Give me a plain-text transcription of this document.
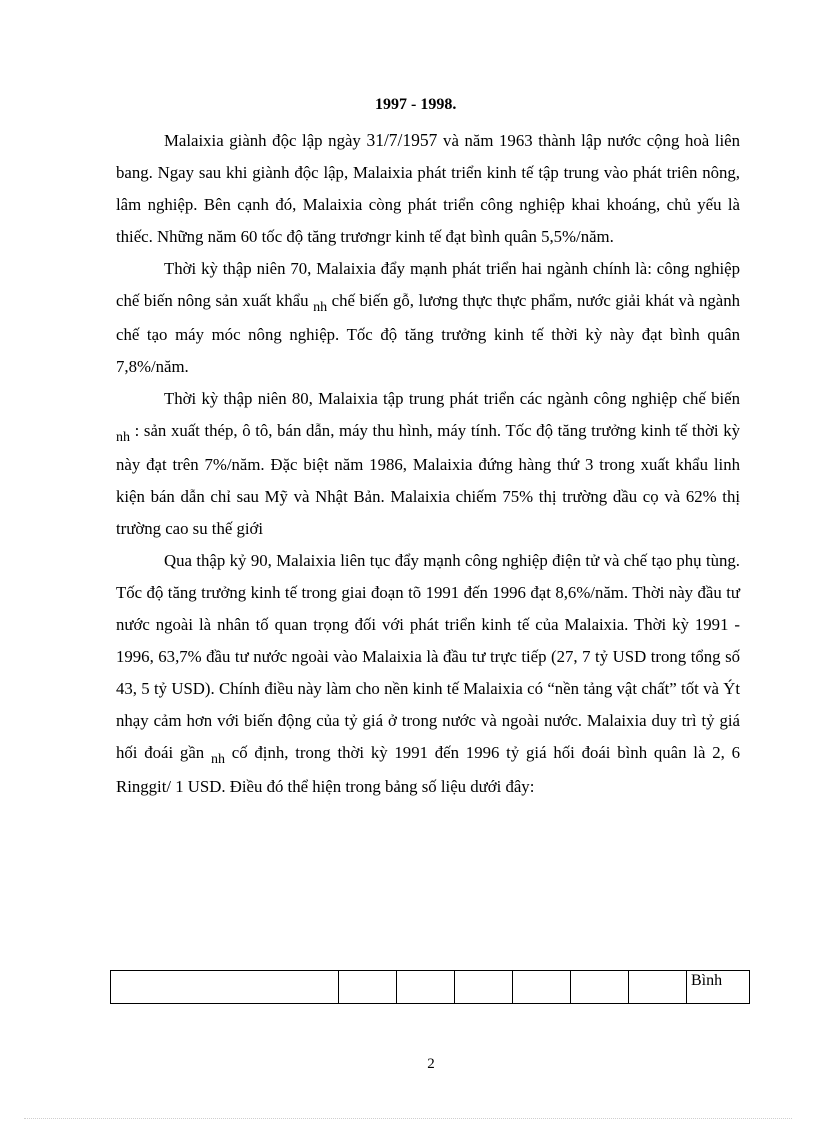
1997 - 1998.

Malaixia giành độc lập ngày 31/7/1957 và năm 1963 thành lập nước cộng hoà liên bang. Ngay sau khi giành độc lập, Malaixia phát triển kinh tế tập trung vào phát triên nông, lâm nghiệp. Bên cạnh đó, Malaixia còng phát triển công nghiệp khai khoáng, chủ yếu là thiếc. Những năm 60 tốc độ tăng trươngr kinh tế đạt bình quân 5,5%/năm.

Thời kỳ thập niên 70, Malaixia đẩy mạnh phát triển hai ngành chính là: công nghiệp chế biến nông sản xuất khẩu $_{nh}$ chế biến gỗ, lương thực thực phẩm, nước giải khát và ngành chế tạo máy móc nông nghiệp. Tốc độ tăng trưởng kinh tế thời kỳ này đạt bình quân 7,8%/năm.

Thời kỳ thập niên 80, Malaixia tập trung phát triển các ngành công nghiệp chế biến $_{nh}$ : sản xuất thép, ô tô, bán dẫn, máy thu hình, máy tính. Tốc độ tăng trưởng kinh tế thời kỳ này đạt trên 7%/năm. Đặc biệt năm 1986, Malaixia đứng hàng thứ 3 trong xuất khẩu linh kiện bán dẫn chỉ sau Mỹ và Nhật Bản. Malaixia chiếm 75% thị trường dầu cọ và 62% thị trường cao su thế giới

Qua thập kỷ 90, Malaixia liên tục đẩy mạnh công nghiệp điện tử và chế tạo phụ tùng. Tốc độ tăng trưởng kinh tế trong giai đoạn tõ 1991 đến 1996 đạt 8,6%/năm. Thời này đầu tư nước ngoài là nhân tố quan trọng đối với phát triển kinh tế của Malaixia. Thời kỳ 1991 - 1996, 63,7% đầu tư nước ngoài vào Malaixia là đầu tư trực tiếp (27, 7 tỷ USD trong tổng số 43, 5 tỷ USD). Chính điều này làm cho nền kinh tế Malaixia có “nền tảng vật chất” tốt và Ýt nhạy cảm hơn với biến động của tỷ giá ở trong nước và ngoài nước. Malaixia duy trì tỷ giá hối đoái gần $_{nh}$ cố định, trong thời kỳ 1991 đến 1996 tỷ giá hối đoái bình quân là 2, 6 Ringgit/ 1 USD. Điều đó thể hiện trong bảng số liệu dưới đây:

							Bình
2
